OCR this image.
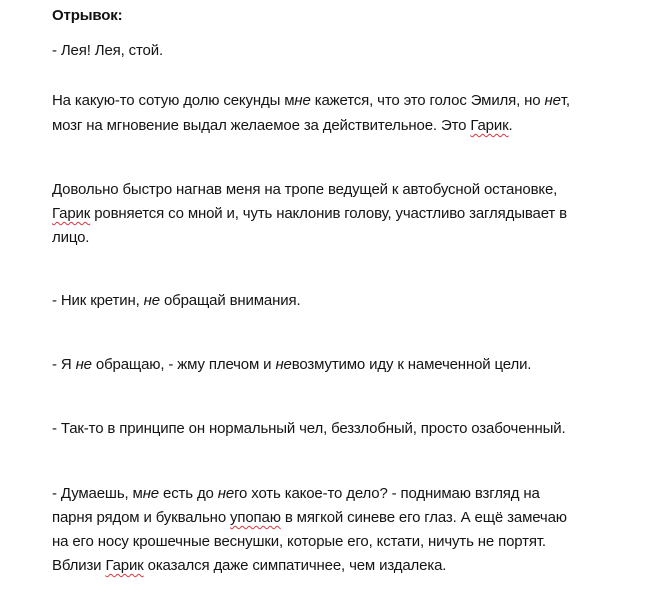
Отрывок:
- Лея! Лея, стой.
На какую-то сотую долю секунды мне кажется, что это голос Эмиля, но нет,
мозг на мгновение выдал желаемое за действительное. Это Гарик.
Довольно быстро нагнав меня на тропе ведущей к автобусной остановке,
Гарик ровняется со мной и, чуть наклонив голову, участливо заглядывает в
лицо.
- Ник кретин, не обращай внимания.
- Я не обращаю, - жму плечом и невозмутимо иду к намеченной цели.
- Так-то в принципе он нормальный чел, беззлобный, просто озабоченный.
- Думаешь, мне есть до него хоть какое-то дело? - поднимаю взгляд на
парня рядом и буквально упопаю в мягкой синеве его глаз. А ещё замечаю
на его носу крошечные веснушки, которые его, кстати, ничуть не портят.
Вблизи Гарик оказался даже симпатичнее, чем издалека.
